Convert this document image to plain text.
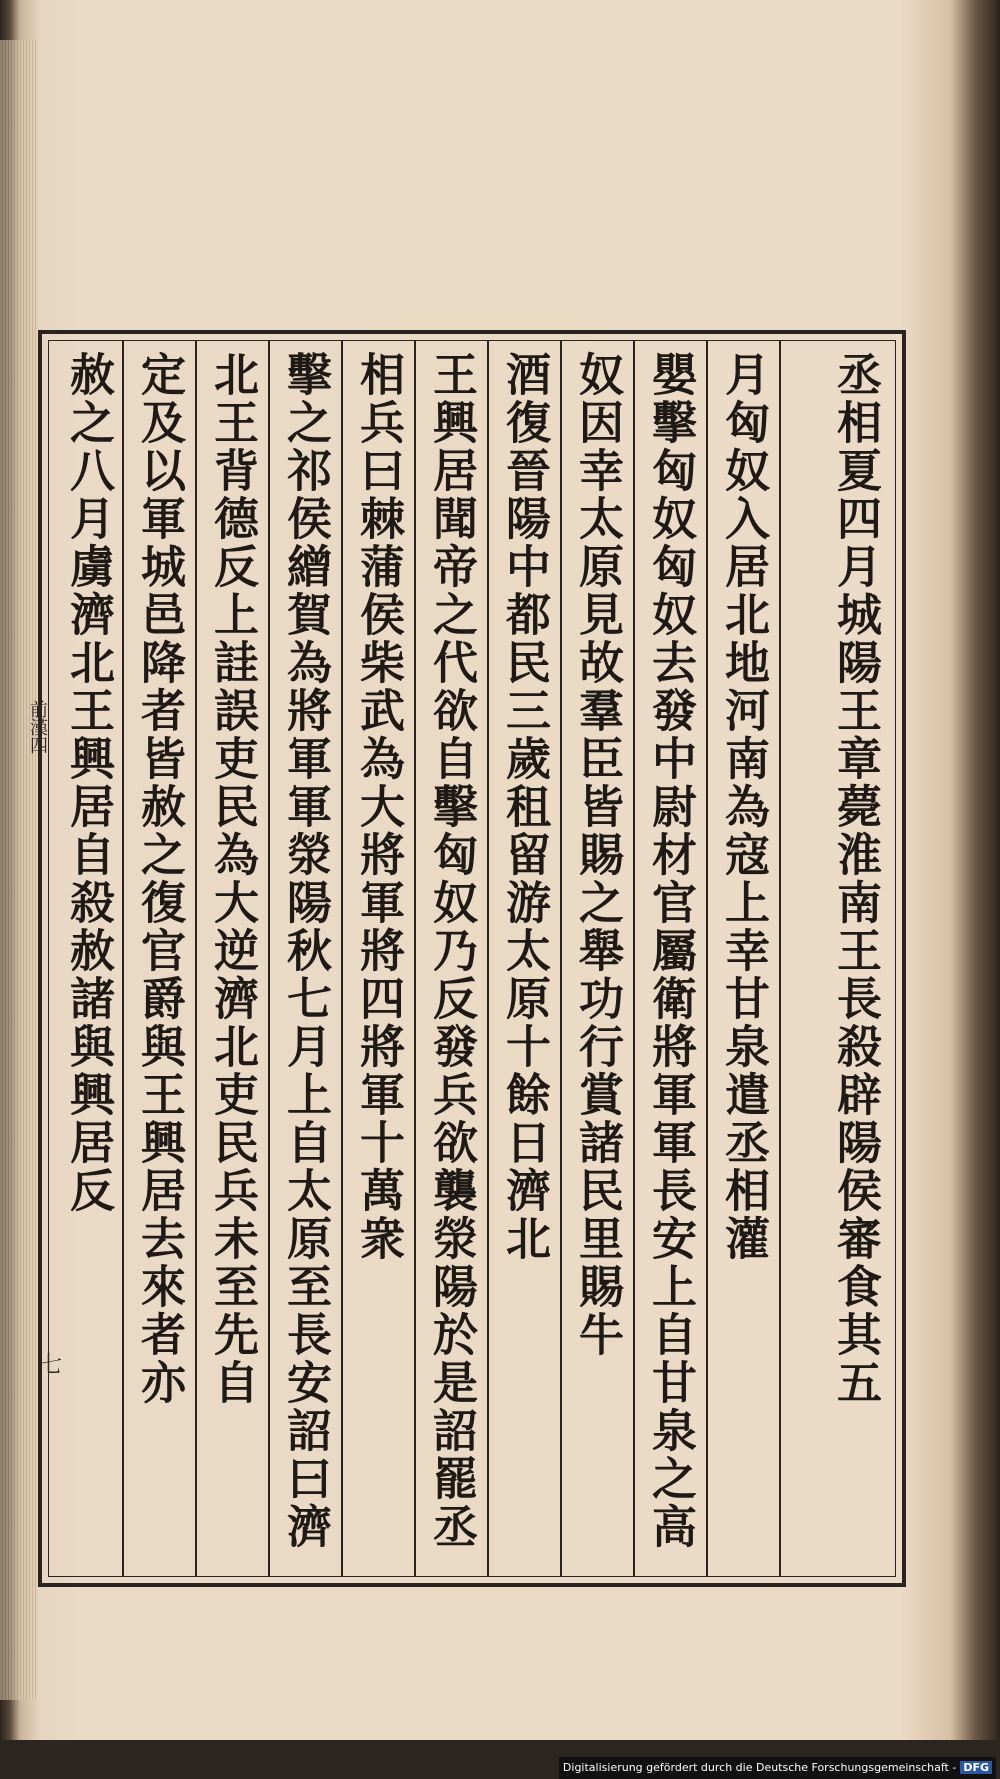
丞相夏四月城陽王章薨淮南王長殺辟陽侯審食其五
月匈奴入居北地河南為寇上幸甘泉遣丞相灌
嬰擊匈奴匈奴去發中尉材官屬衛將軍軍長安上自甘泉之高
奴因幸太原見故羣臣皆賜之舉功行賞諸民里賜牛
酒復晉陽中都民三歲租留游太原十餘日濟北
王興居聞帝之代欲自擊匈奴乃反發兵欲襲滎陽於是詔罷丞
相兵曰棘蒲侯柴武為大將軍將四將軍十萬衆
擊之祁侯繒賀為將軍軍滎陽秋七月上自太原至長安詔曰濟
北王背德反上詿誤吏民為大逆濟北吏民兵未至先自
定及以軍城邑降者皆赦之復官爵與王興居去來者亦
赦之八月虜濟北王興居自殺赦諸與興居反
前漢四
七
Digitalisierung gefördert durch die Deutsche Forschungsgemeinschaft - DFG
